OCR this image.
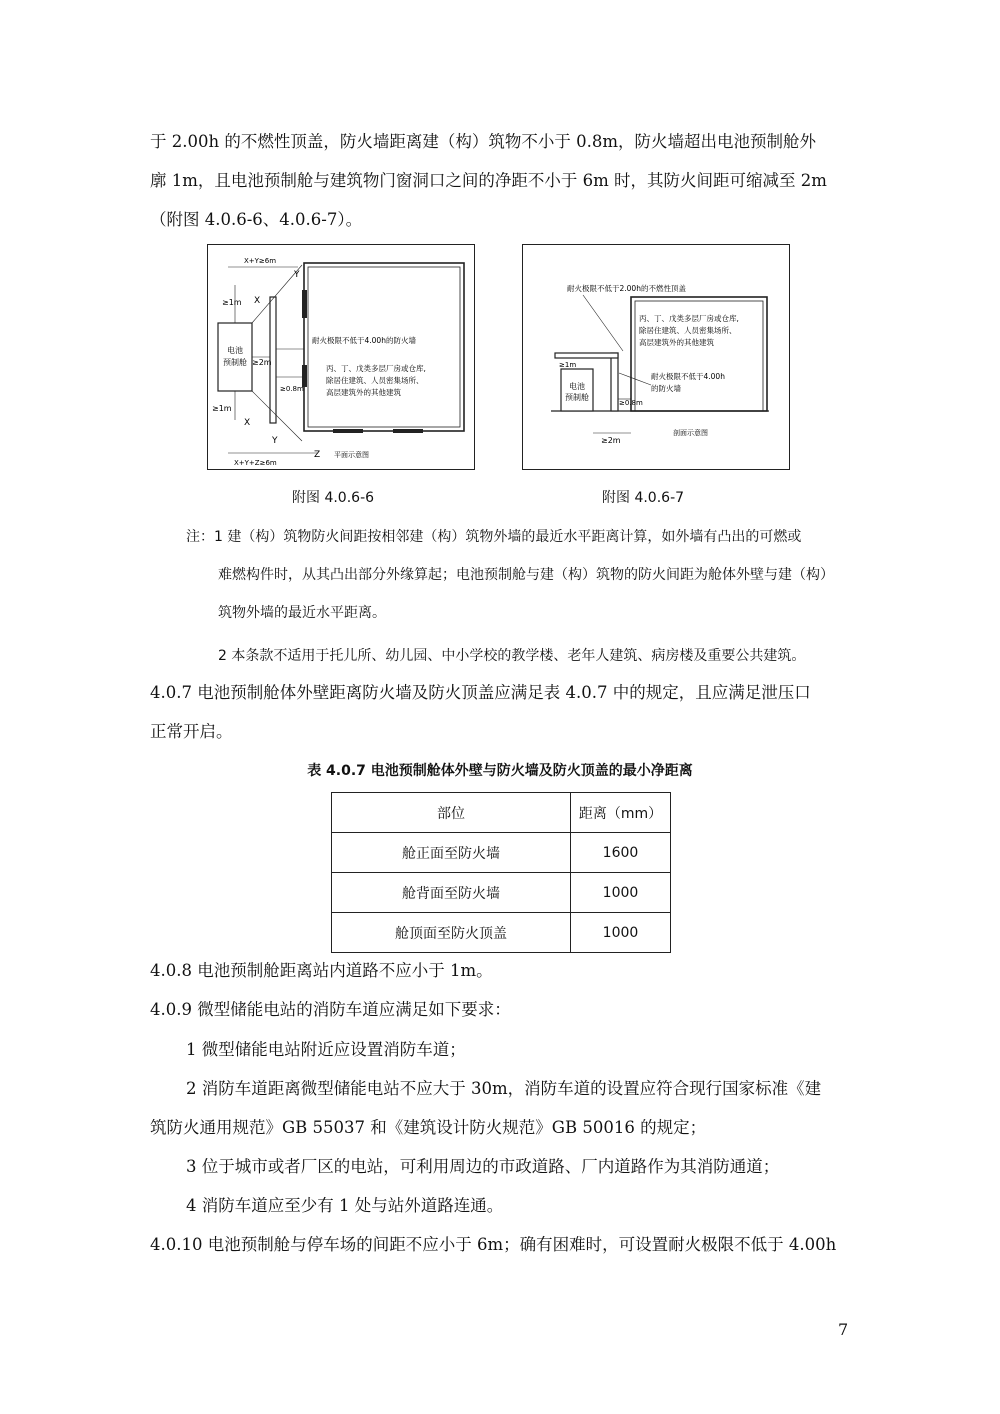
于 2.00h 的不燃性顶盖，防火墙距离建（构）筑物不小于 0.8m，防火墙超出电池预制舱外
廓 1m，且电池预制舱与建筑物门窗洞口之间的净距不小于 6m 时，其防火间距可缩减至 2m
（附图 4.0.6-6、4.0.6-7）。
电池
预制舱
X+Y≥6m
≥1m X
Y
≥2m
≥0.8m
耐火极限不低于4.00h的防火墙
丙、丁、戊类多层厂房或仓库,
除居住建筑、人员密集场所、
高层建筑外的其他建筑
≥1m
X
Y
Z 平面示意图
X+Y+Z≥6m
附图 4.0.6-6
电池
预制舱
耐火极限不低于2.00h的不燃性顶盖
丙、丁、戊类多层厂房或仓库,
除居住建筑、人员密集场所、
高层建筑外的其他建筑
≥1m
耐火极限不低于4.00h
的防火墙
≥0.8m
≥2m
剖面示意图
附图 4.0.6-7
注：1 建（构）筑物防火间距按相邻建（构）筑物外墙的最近水平距离计算，如外墙有凸出的可燃或
难燃构件时，从其凸出部分外缘算起；电池预制舱与建（构）筑物的防火间距为舱体外壁与建（构）
筑物外墙的最近水平距离。
2 本条款不适用于托儿所、幼儿园、中小学校的教学楼、老年人建筑、病房楼及重要公共建筑。
4.0.7 电池预制舱体外壁距离防火墙及防火顶盖应满足表 4.0.7 中的规定，且应满足泄压口
正常开启。
表 4.0.7 电池预制舱体外壁与防火墙及防火顶盖的最小净距离
部位	距离（mm）
舱正面至防火墙	1600
舱背面至防火墙	1000
舱顶面至防火顶盖	1000
4.0.8 电池预制舱距离站内道路不应小于 1m。
4.0.9 微型储能电站的消防车道应满足如下要求：
1 微型储能电站附近应设置消防车道；
2 消防车道距离微型储能电站不应大于 30m，消防车道的设置应符合现行国家标准《建
筑防火通用规范》GB 55037 和《建筑设计防火规范》GB 50016 的规定；
3 位于城市或者厂区的电站，可利用周边的市政道路、厂内道路作为其消防通道；
4 消防车道应至少有 1 处与站外道路连通。
4.0.10 电池预制舱与停车场的间距不应小于 6m；确有困难时，可设置耐火极限不低于 4.00h
7
